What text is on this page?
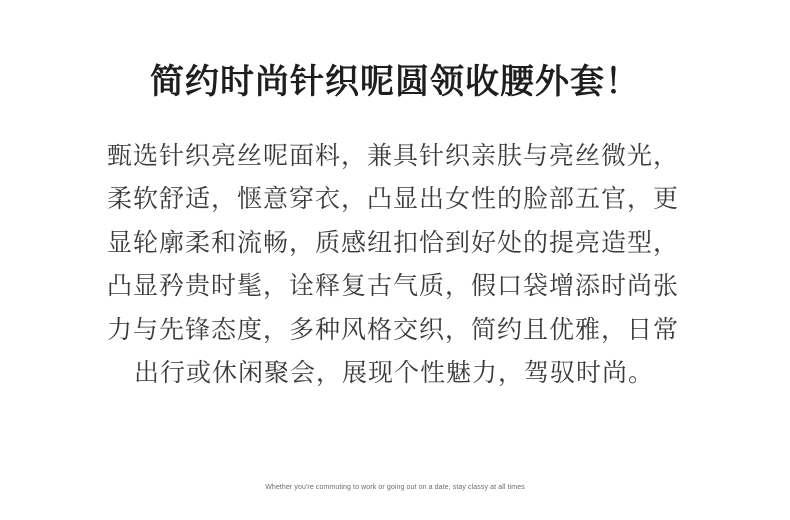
简约时尚针织呢圆领收腰外套！
甄选针织亮丝呢面料，兼具针织亲肤与亮丝微光，
柔软舒适，惬意穿衣，凸显出女性的脸部五官，更
显轮廓柔和流畅，质感纽扣恰到好处的提亮造型，
凸显矜贵时髦，诠释复古气质，假口袋增添时尚张
力与先锋态度，多种风格交织，简约且优雅，日常
出行或休闲聚会，展现个性魅力，驾驭时尚。
Whether you're commuting to work or going out on a date, stay classy at all times
